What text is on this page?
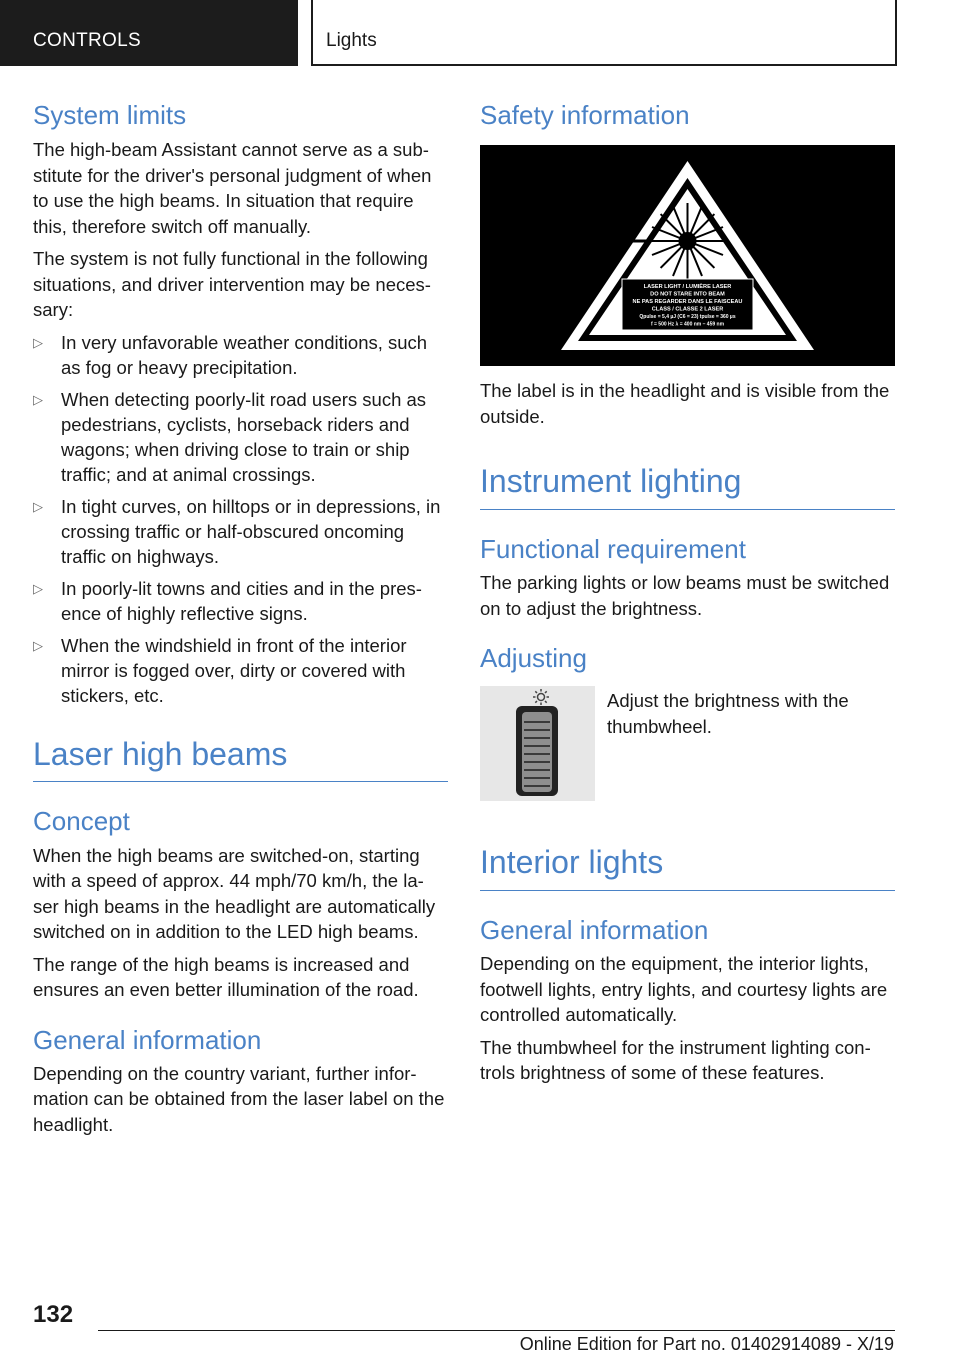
CONTROLS	Lights
System limits

The high-beam Assistant cannot serve as a sub-stitute for the driver's personal judgment of when to use the high beams. In situation that require this, therefore switch off manually.

The system is not fully functional in the following situations, and driver intervention may be neces-sary:

▷ In very unfavorable weather conditions, such as fog or heavy precipitation.
▷ When detecting poorly-lit road users such as pedestrians, cyclists, horseback riders and wagons; when driving close to train or ship traffic; and at animal crossings.
▷ In tight curves, on hilltops or in depressions, in crossing traffic or half-obscured oncoming traffic on highways.
▷ In poorly-lit towns and cities and in the pres-ence of highly reflective signs.
▷ When the windshield in front of the interior mirror is fogged over, dirty or covered with stickers, etc.
Laser high beams
Concept

When the high beams are switched-on, starting with a speed of approx. 44 mph/70 km/h, the la-ser high beams in the headlight are automatically switched on in addition to the LED high beams.

The range of the high beams is increased and ensures an even better illumination of the road.

General information

Depending on the country variant, further infor-mation can be obtained from the laser label on the headlight.

Safety information
LASER LIGHT / LUMIÈRE LASER
DO NOT STARE INTO BEAM
NE PAS REGARDER DANS LE FAISCEAU
CLASS / CLASSE 2 LASER
Qpulse = 5,4 µJ (C6 = 23) tpulse = 360 µs
f = 500 Hz λ = 400 nm – 459 nm

The label is in the headlight and is visible from the outside.

Instrument lighting
Functional requirement

The parking lights or low beams must be switched on to adjust the brightness.

Adjusting

Adjust the brightness with the thumbwheel.

Interior lights
General information

Depending on the equipment, the interior lights, footwell lights, entry lights, and courtesy lights are controlled automatically.

The thumbwheel for the instrument lighting con-trols brightness of some of these features.

132
Online Edition for Part no. 01402914089 - X/19
